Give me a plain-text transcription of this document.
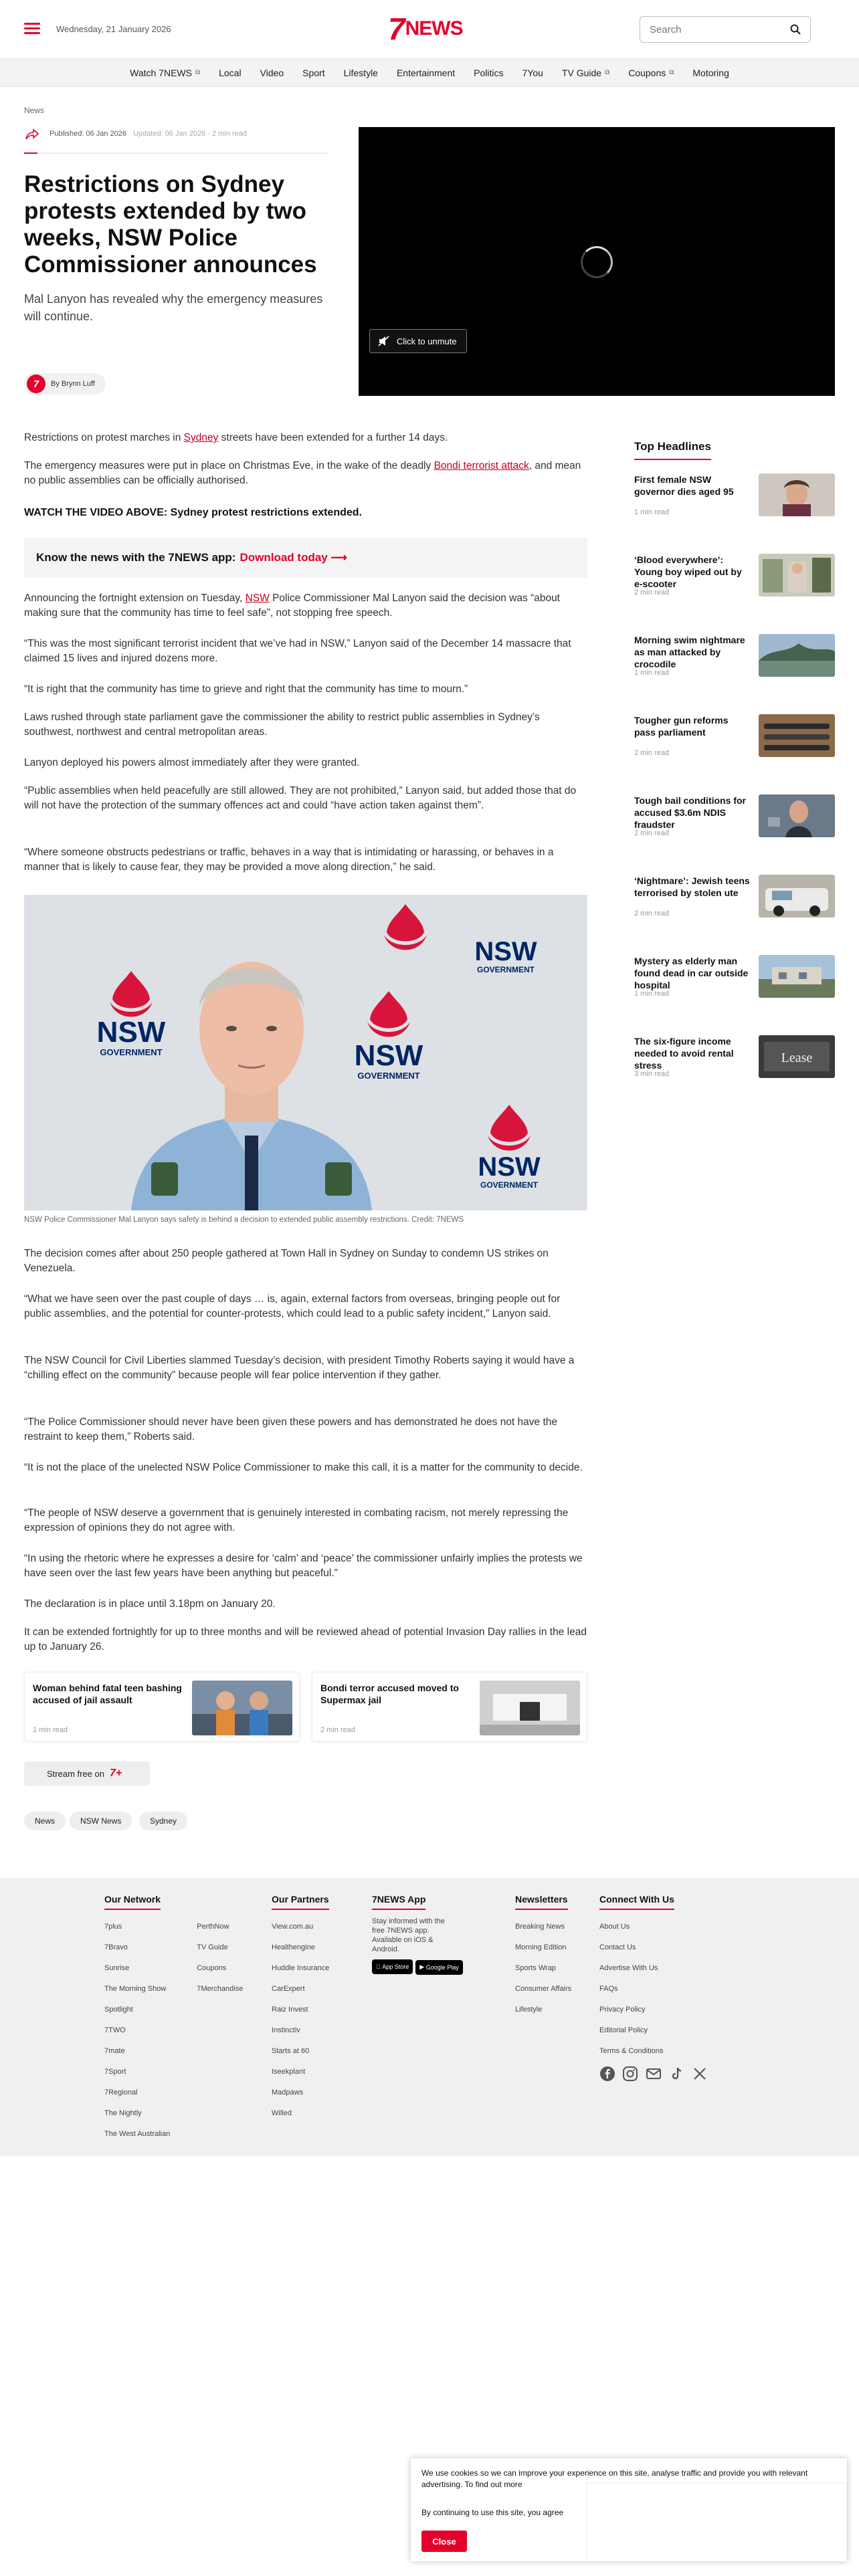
Wednesday, 21 January 2026	7 NEWS
Search
Watch 7NEWS ⧉	Local	Video	Sport	Lifestyle	Entertainment	Politics	7You	TV Guide ⧉	Coupons ⧉	Motoring
News
Published: 06 Jan 2026 Updated: 06 Jan 2026 · 2 min read
Restrictions on Sydney protests extended by two weeks, NSW Police Commissioner announces

Mal Lanyon has revealed why the emergency measures will continue.

7	By Brynn Luff
Click to unmute

Restrictions on protest marches in Sydney streets have been extended for a further 14 days.

The emergency measures were put in place on Christmas Eve, in the wake of the deadly Bondi terrorist attack, and mean no public assemblies can be officially authorised.

WATCH THE VIDEO ABOVE: Sydney protest restrictions extended.

Know the news with the 7NEWS app: Download today ⟶

Announcing the fortnight extension on Tuesday, NSW Police Commissioner Mal Lanyon said the decision was “about making sure that the community has time to feel safe”, not stopping free speech.

“This was the most significant terrorist incident that we’ve had in NSW,” Lanyon said of the December 14 massacre that claimed 15 lives and injured dozens more.

“It is right that the community has time to grieve and right that the community has time to mourn.”

Laws rushed through state parliament gave the commissioner the ability to restrict public assemblies in Sydney’s southwest, northwest and central metropolitan areas.

Lanyon deployed his powers almost immediately after they were granted.

“Public assemblies when held peacefully are still allowed. They are not prohibited,” Lanyon said, but added those that do will not have the protection of the summary offences act and could “have action taken against them”.

“Where someone obstructs pedestrians or traffic, behaves in a way that is intimidating or harassing, or behaves in a manner that is likely to cause fear, they may be provided a move along direction,” he said.

NSW
GOVERNMENT
NSW
GOVERNMENT
NSW
GOVERNMENT
NSW
GOVERNMENT

NSW Police Commissioner Mal Lanyon says safety is behind a decision to extended public assembly restrictions. Credit: 7NEWS

The decision comes after about 250 people gathered at Town Hall in Sydney on Sunday to condemn US strikes on Venezuela.

“What we have seen over the past couple of days … is, again, external factors from overseas, bringing people out for public assemblies, and the potential for counter-protests, which could lead to a public safety incident,” Lanyon said.

The NSW Council for Civil Liberties slammed Tuesday’s decision, with president Timothy Roberts saying it would have a “chilling effect on the community” because people will fear police intervention if they gather.

“The Police Commissioner should never have been given these powers and has demonstrated he does not have the restraint to keep them,” Roberts said.

“It is not the place of the unelected NSW Police Commissioner to make this call, it is a matter for the community to decide.

“The people of NSW deserve a government that is genuinely interested in combating racism, not merely repressing the expression of opinions they do not agree with.

“In using the rhetoric where he expresses a desire for ‘calm’ and ‘peace’ the commissioner unfairly implies the protests we have seen over the last few years have been anything but peaceful.”

The declaration is in place until 3.18pm on January 20.

It can be extended fortnightly for up to three months and will be reviewed ahead of potential Invasion Day rallies in the lead up to January 26.

Woman behind fatal teen bashing accused of jail assault
1 min read
Bondi terror accused moved to Supermax jail
2 min read
Stream free on 7+
News	NSW News	Sydney
Top Headlines
First female NSW governor dies aged 95
1 min read
‘Blood everywhere’: Young boy wiped out by e-scooter
2 min read
Morning swim nightmare as man attacked by crocodile
1 min read
Tougher gun reforms pass parliament
2 min read
Tough bail conditions for accused $3.6m NDIS fraudster
2 min read
‘Nightmare’: Jewish teens terrorised by stolen ute
2 min read
Mystery as elderly man found dead in car outside hospital
1 min read
The six-figure income needed to avoid rental stress
3 min read
Lease
Our Network
7plus
7Bravo
Sunrise
The Morning Show
Spotlight
7TWO
7mate
7Sport
7Regional
The Nightly
The West Australian
PerthNow
TV Guide
Coupons
7Merchandise
Our Partners
View.com.au
Healthengine
Huddle Insurance
CarExpert
Raiz Invest
Instinctiv
Starts at 60
Iseekplant
Madpaws
Willed
7NEWS App
Stay informed with the free 7NEWS app. Available on iOS & Android.
App Store ▶ Google Play
Newsletters
Breaking News
Morning Edition
Sports Wrap
Consumer Affairs
Lifestyle
Connect With Us
About Us
Contact Us
Advertise With Us
FAQs
Privacy Policy
Editorial Policy
Terms & Conditions

We use cookies so we can improve your experience on this site, analyse traffic and provide you with relevant advertising. To find out more
By continuing to use this site, you agree
Close
